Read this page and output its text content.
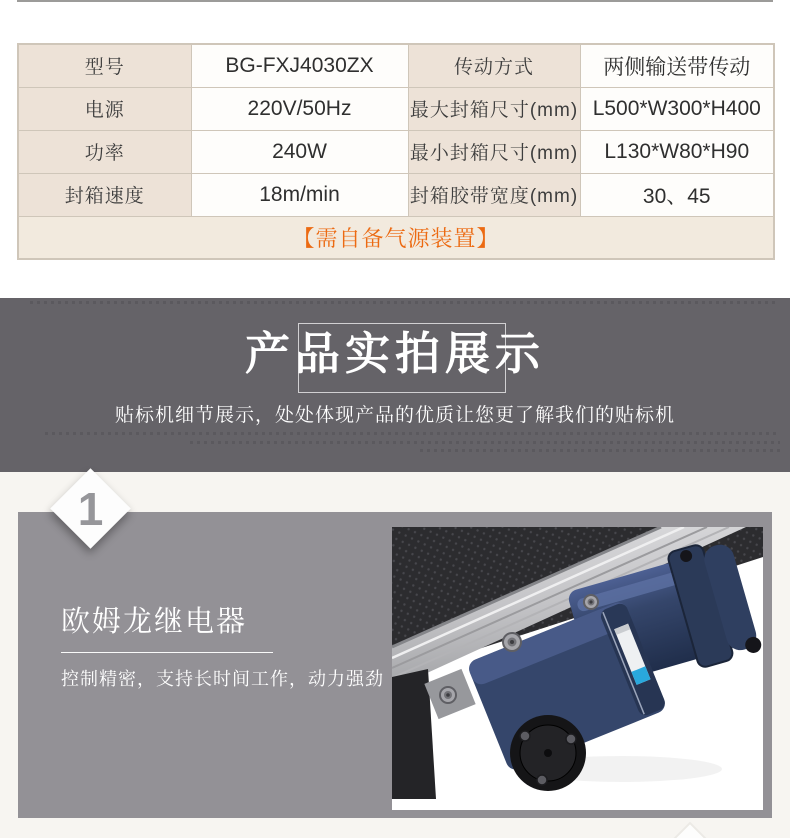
型号	BG-FXJ4030ZX	传动方式	两侧输送带传动
电源	220V/50Hz	最大封箱尺寸(mm)	L500*W300*H400
功率	240W	最小封箱尺寸(mm)	L130*W80*H90
封箱速度	18m/min	封箱胶带宽度(mm)	30、45
【需自备气源装置】			
产品实拍展示
贴标机细节展示，处处体现产品的优质让您更了解我们的贴标机
1
欧姆龙继电器
控制精密，支持长时间工作，动力强劲
